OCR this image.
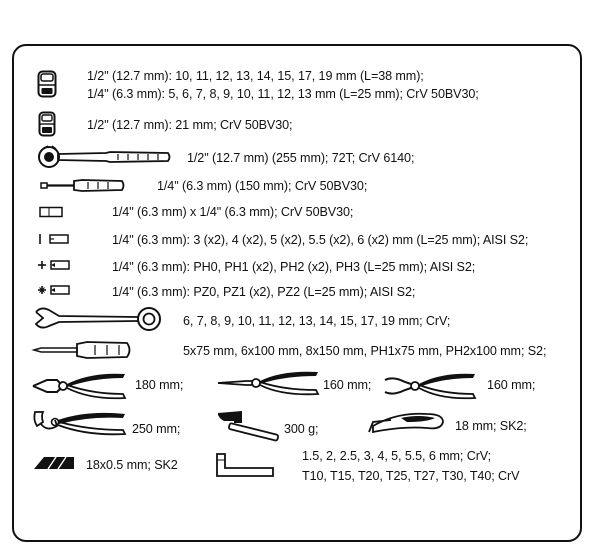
1/2" (12.7 mm): 10, 11, 12, 13, 14, 15, 17, 19 mm (L=38 mm);
1/4" (6.3 mm): 5, 6, 7, 8, 9, 10, 11, 12, 13 mm (L=25 mm); CrV 50BV30;
1/2" (12.7 mm): 21 mm; CrV 50BV30;
1/2" (12.7 mm) (255 mm); 72T; CrV 6140;
1/4" (6.3 mm) (150 mm); CrV 50BV30;
1/4" (6.3 mm) x 1/4" (6.3 mm); CrV 50BV30;
1/4" (6.3 mm): 3 (x2), 4 (x2), 5 (x2), 5.5 (x2), 6 (x2) mm (L=25 mm); AISI S2;
1/4" (6.3 mm): PH0, PH1 (x2), PH2 (x2), PH3 (L=25 mm); AISI S2;
1/4" (6.3 mm): PZ0, PZ1 (x2), PZ2 (L=25 mm); AISI S2;
6, 7, 8, 9, 10, 11, 12, 13, 14, 15, 17, 19 mm; CrV;
5x75 mm, 6x100 mm, 8x150 mm, PH1x75 mm, PH2x100 mm; S2;
180 mm;	160 mm;	160 mm;
250 mm;	300 g;	18 mm; SK2;
18x0.5 mm; SK2
1.5, 2, 2.5, 3, 4, 5, 5.5, 6 mm; CrV;
T10, T15, T20, T25, T27, T30, T40; CrV
